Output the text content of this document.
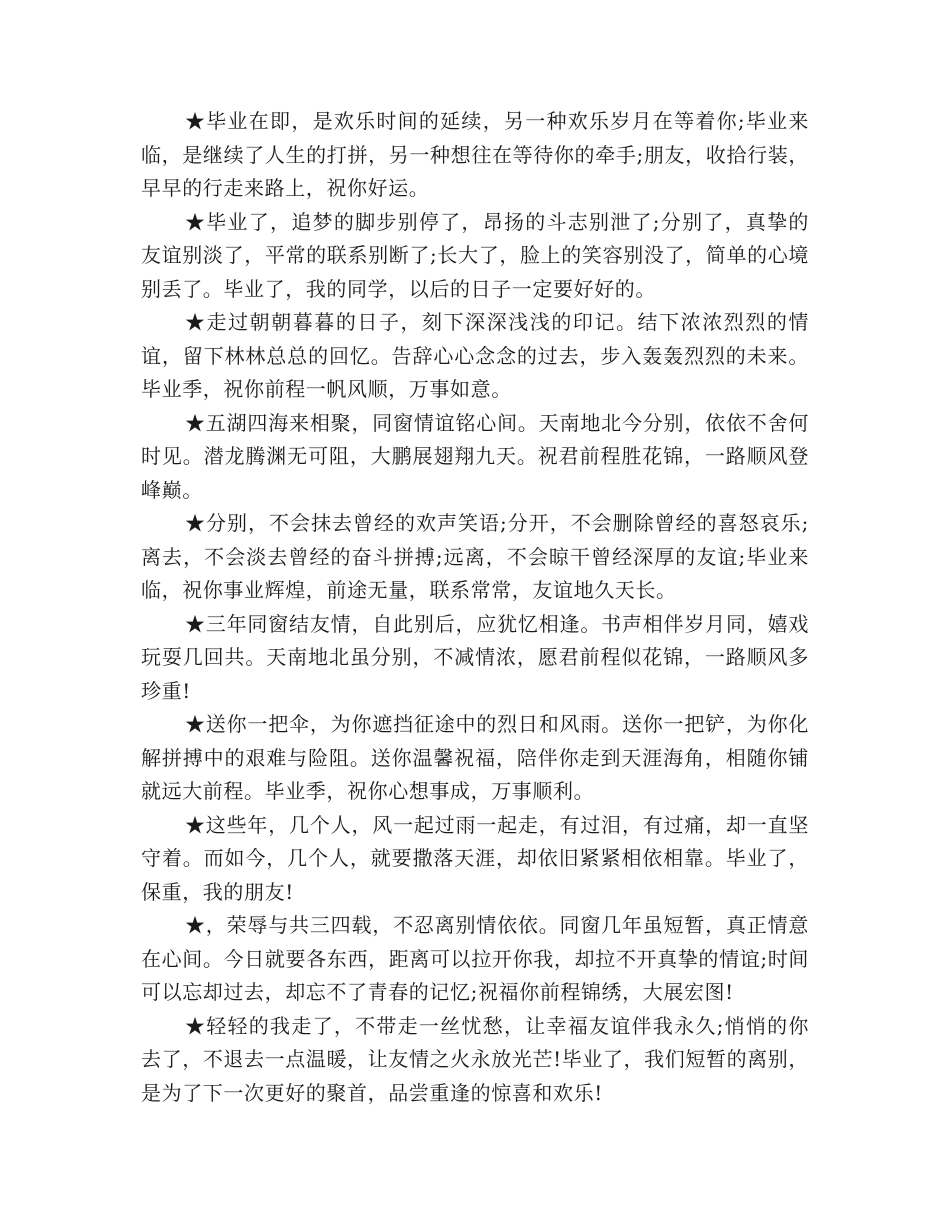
★毕业在即，是欢乐时间的延续，另一种欢乐岁月在等着你;毕业来临，是继续了人生的打拼，另一种想往在等待你的牵手;朋友，收拾行装，早早的行走来路上，祝你好运。

★毕业了，追梦的脚步别停了，昂扬的斗志别泄了;分别了，真挚的友谊别淡了，平常的联系别断了;长大了，脸上的笑容别没了，简单的心境别丢了。毕业了，我的同学，以后的日子一定要好好的。

★走过朝朝暮暮的日子，刻下深深浅浅的印记。结下浓浓烈烈的情谊，留下林林总总的回忆。告辞心心念念的过去，步入轰轰烈烈的未来。毕业季，祝你前程一帆风顺，万事如意。

★五湖四海来相聚，同窗情谊铭心间。天南地北今分别，依依不舍何时见。潜龙腾渊无可阻，大鹏展翅翔九天。祝君前程胜花锦，一路顺风登峰巅。

★分别，不会抹去曾经的欢声笑语;分开，不会删除曾经的喜怒哀乐;离去，不会淡去曾经的奋斗拼搏;远离，不会晾干曾经深厚的友谊;毕业来临，祝你事业辉煌，前途无量，联系常常，友谊地久天长。

★三年同窗结友情，自此别后，应犹忆相逢。书声相伴岁月同，嬉戏玩耍几回共。天南地北虽分别，不减情浓，愿君前程似花锦，一路顺风多珍重!

★送你一把伞，为你遮挡征途中的烈日和风雨。送你一把铲，为你化解拼搏中的艰难与险阻。送你温馨祝福，陪伴你走到天涯海角，相随你铺就远大前程。毕业季，祝你心想事成，万事顺利。

★这些年，几个人，风一起过雨一起走，有过泪，有过痛，却一直坚守着。而如今，几个人，就要撒落天涯，却依旧紧紧相依相靠。毕业了，保重，我的朋友!

★，荣辱与共三四载，不忍离别情依依。同窗几年虽短暂，真正情意在心间。今日就要各东西，距离可以拉开你我，却拉不开真挚的情谊;时间可以忘却过去，却忘不了青春的记忆;祝福你前程锦绣，大展宏图!

★轻轻的我走了，不带走一丝忧愁，让幸福友谊伴我永久;悄悄的你去了，不退去一点温暖，让友情之火永放光芒!毕业了，我们短暂的离别，是为了下一次更好的聚首，品尝重逢的惊喜和欢乐!
